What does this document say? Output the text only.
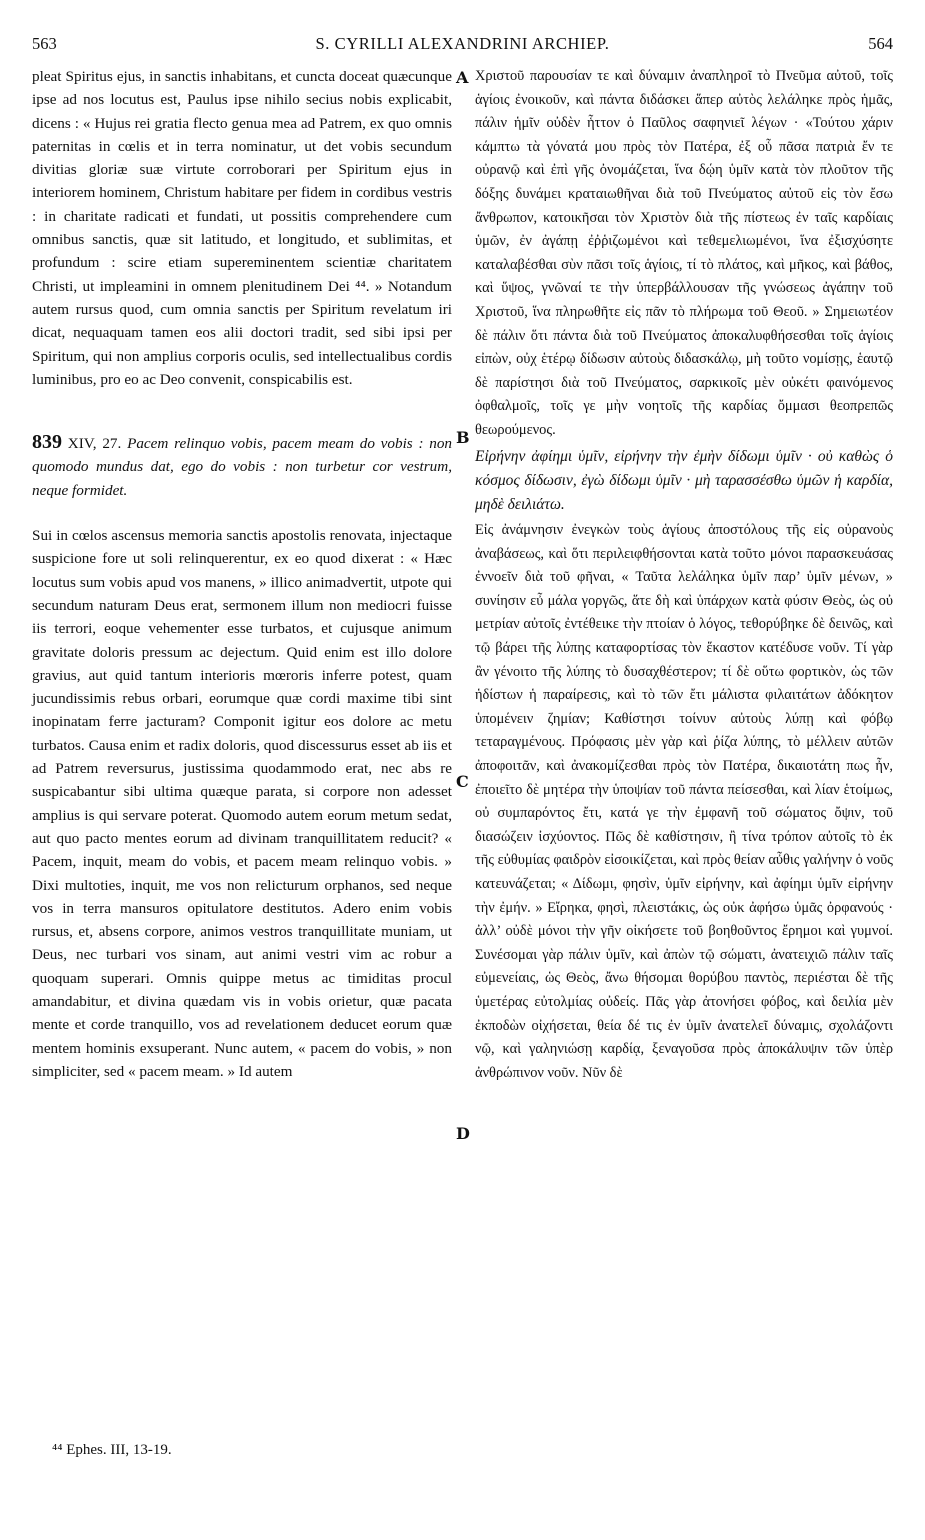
563	S. CYRILLI ALEXANDRINI ARCHIEP.	564

pleat Spiritus ejus, in sanctis inhabitans, et cuncta doceat quæcunque ipse ad nos locutus est, Paulus ipse nihilo secius nobis explicabit, dicens : « Hujus rei gratia flecto genua mea ad Patrem, ex quo omnis paternitas in cœlis et in terra nominatur, ut det vobis secundum divitias gloriæ suæ virtute corroborari per Spiritum ejus in interiorem hominem, Christum habitare per fidem in cordibus vestris : in charitate radicati et fundati, ut possitis comprehendere cum omnibus sanctis, quæ sit latitudo, et longitudo, et sublimitas, et profundum : scire etiam supereminentem scientiæ charitatem Christi, ut impleamini in omnem plenitudinem Dei ⁴⁴. » Notandum autem rursus quod, cum omnia sanctis per Spiritum revelatum iri dicat, nequaquam tamen eos alii doctori tradit, sed sibi ipsi per Spiritum, qui non amplius corporis oculis, sed intellectualibus cordis luminibus, pro eo ac Deo convenit, conspicabilis est.

839 XIV, 27. Pacem relinquo vobis, pacem meam do vobis : non quomodo mundus dat, ego do vobis : non turbetur cor vestrum, neque formidet.

Sui in cœlos ascensus memoria sanctis apostolis renovata, injectaque suspicione fore ut soli relinquerentur, ex eo quod dixerat : « Hæc locutus sum vobis apud vos manens, » illico animadvertit, utpote qui secundum naturam Deus erat, sermonem illum non mediocri fuisse iis terrori, eoque vehementer esse turbatos, et cujusque animum gravitate doloris pressum ac dejectum. Quid enim est illo dolore gravius, aut quid tantum interioris mœroris inferre potest, quam jucundissimis rebus orbari, eorumque quæ cordi maxime tibi sint inopinatam ferre jacturam? Componit igitur eos dolore ac metu turbatos. Causa enim et radix doloris, quod discessurus esset ab iis et ad Patrem reversurus, justissima quodammodo erat, nec abs re suspicabantur sibi ultima quæque parata, si corpore non adesset amplius is qui servare poterat. Quomodo autem eorum metum sedat, aut quo pacto mentes eorum ad divinam tranquillitatem reducit? « Pacem, inquit, meam do vobis, et pacem meam relinquo vobis. » Dixi multoties, inquit, me vos non relicturum orphanos, sed neque vos in terra mansuros opitulatore destitutos. Adero enim vobis rursus, et, absens corpore, animos vestros tranquillitate muniam, ut Deus, nec turbari vos sinam, aut animi vestri vim ac robur a quoquam superari. Omnis quippe metus ac timiditas procul amandabitur, et divina quædam vis in vobis orietur, quæ pacata mente et corde tranquillo, vos ad revelationem deducet eorum quæ mentem hominis exsuperant. Nunc autem, « pacem do vobis, » non simpliciter, sed « pacem meam. » Id autem

Χριστοῦ παρουσίαν τε καὶ δύναμιν ἀναπληροῖ τὸ Πνεῦμα αὐτοῦ, τοῖς ἁγίοις ἐνοικοῦν, καὶ πάντα διδάσκει ἅπερ αὐτὸς λελάληκε πρὸς ἡμᾶς, πάλιν ἡμῖν οὐδὲν ἧττον ὁ Παῦλος σαφηνιεῖ λέγων · «Τούτου χάριν κάμπτω τὰ γόνατά μου πρὸς τὸν Πατέρα, ἐξ οὗ πᾶσα πατριὰ ἔν τε οὐρανῷ καὶ ἐπὶ γῆς ὀνομάζεται, ἵνα δῴη ὑμῖν κατὰ τὸν πλοῦτον τῆς δόξης δυνάμει κραταιωθῆναι διὰ τοῦ Πνεύματος αὐτοῦ εἰς τὸν ἔσω ἄνθρωπον, κατοικῆσαι τὸν Χριστὸν διὰ τῆς πίστεως ἐν ταῖς καρδίαις ὑμῶν, ἐν ἀγάπῃ ἐῤῥιζωμένοι καὶ τεθεμελιωμένοι, ἵνα ἐξισχύσητε καταλαβέσθαι σὺν πᾶσι τοῖς ἁγίοις, τί τὸ πλάτος, καὶ μῆκος, καὶ βάθος, καὶ ὕψος, γνῶναί τε τὴν ὑπερβάλλουσαν τῆς γνώσεως ἀγάπην τοῦ Χριστοῦ, ἵνα πληρωθῆτε εἰς πᾶν τὸ πλήρωμα τοῦ Θεοῦ. » Σημειωτέον δὲ πάλιν ὅτι πάντα διὰ τοῦ Πνεύματος ἀποκαλυφθήσεσθαι τοῖς ἁγίοις εἰπὼν, οὐχ ἑτέρῳ δίδωσιν αὐτοὺς διδασκάλῳ, μὴ τοῦτο νομίσῃς, ἑαυτῷ δὲ παρίστησι διὰ τοῦ Πνεύματος, σαρκικοῖς μὲν οὐκέτι φαινόμενος ὀφθαλμοῖς, τοῖς γε μὴν νοητοῖς τῆς καρδίας ὄμμασι θεοπρεπῶς θεωρούμενος.

Εἰρήνην ἀφίημι ὑμῖν, εἰρήνην τὴν ἐμὴν δίδωμι ὑμῖν · οὐ καθὼς ὁ κόσμος δίδωσιν, ἐγὼ δίδωμι ὑμῖν · μὴ ταρασσέσθω ὑμῶν ἡ καρδία, μηδὲ δειλιάτω.

Εἰς ἀνάμνησιν ἐνεγκὼν τοὺς ἁγίους ἀποστόλους τῆς εἰς οὐρανοὺς ἀναβάσεως, καὶ ὅτι περιλειφθήσονται κατὰ τοῦτο μόνοι παρασκευάσας ἐννοεῖν διὰ τοῦ φῆναι, « Ταῦτα λελάληκα ὑμῖν παρ’ ὑμῖν μένων, » συνίησιν εὖ μάλα γοργῶς, ἅτε δὴ καὶ ὑπάρχων κατὰ φύσιν Θεὸς, ὡς οὐ μετρίαν αὐτοῖς ἐντέθεικε τὴν πτοίαν ὁ λόγος, τεθορύβηκε δὲ δεινῶς, καὶ τῷ βάρει τῆς λύπης καταφορτίσας τὸν ἕκαστον κατέδυσε νοῦν. Τί γὰρ ἂν γένοιτο τῆς λύπης τὸ δυσαχθέστερον; τί δὲ οὕτω φορτικὸν, ὡς τῶν ἡδίστων ἡ παραίρεσις, καὶ τὸ τῶν ἔτι μάλιστα φιλαιτάτων ἀδόκητον ὑπομένειν ζημίαν; Καθίστησι τοίνυν αὐτοὺς λύπῃ καὶ φόβῳ τεταραγμένους. Πρόφασις μὲν γὰρ καὶ ῥίζα λύπης, τὸ μέλλειν αὐτῶν ἀποφοιτᾶν, καὶ ἀνακομίζεσθαι πρὸς τὸν Πατέρα, δικαιοτάτη πως ἦν, ἐποιεῖτο δὲ μητέρα τὴν ὑποψίαν τοῦ πάντα πείσεσθαι, καὶ λίαν ἑτοίμως, οὐ συμπαρόντος ἔτι, κατά γε τὴν ἐμφανῆ τοῦ σώματος ὄψιν, τοῦ διασώζειν ἰσχύοντος. Πῶς δὲ καθίστησιν, ἢ τίνα τρόπον αὐτοῖς τὸ ἐκ τῆς εὐθυμίας φαιδρὸν εἰσοικίζεται, καὶ πρὸς θείαν αὖθις γαλήνην ὁ νοῦς κατευνάζεται; « Δίδωμι, φησὶν, ὑμῖν εἰρήνην, καὶ ἀφίημι ὑμῖν εἰρήνην τὴν ἐμήν. » Εἴρηκα, φησὶ, πλειστάκις, ὡς οὐκ ἀφήσω ὑμᾶς ὀρφανούς · ἀλλ’ οὐδὲ μόνοι τὴν γῆν οἰκήσετε τοῦ βοηθοῦντος ἔρημοι καὶ γυμνοί. Συνέσομαι γὰρ πάλιν ὑμῖν, καὶ ἀπὼν τῷ σώματι, ἀνατειχιῶ πάλιν ταῖς εὐμενείαις, ὡς Θεὸς, ἄνω θήσομαι θορύβου παντὸς, περιέσται δὲ τῆς ὑμετέρας εὐτολμίας οὐδείς. Πᾶς γὰρ ἀτονήσει φόβος, καὶ δειλία μὲν ἐκποδὼν οἰχήσεται, θεία δέ τις ἐν ὑμῖν ἀνατελεῖ δύναμις, σχολάζοντι νῷ, καὶ γαληνιώσῃ καρδίᾳ, ξεναγοῦσα πρὸς ἀποκάλυψιν τῶν ὑπὲρ ἀνθρώπινον νοῦν. Νῦν δὲ

A
B
C
D
⁴⁴ Ephes. III, 13-19.
